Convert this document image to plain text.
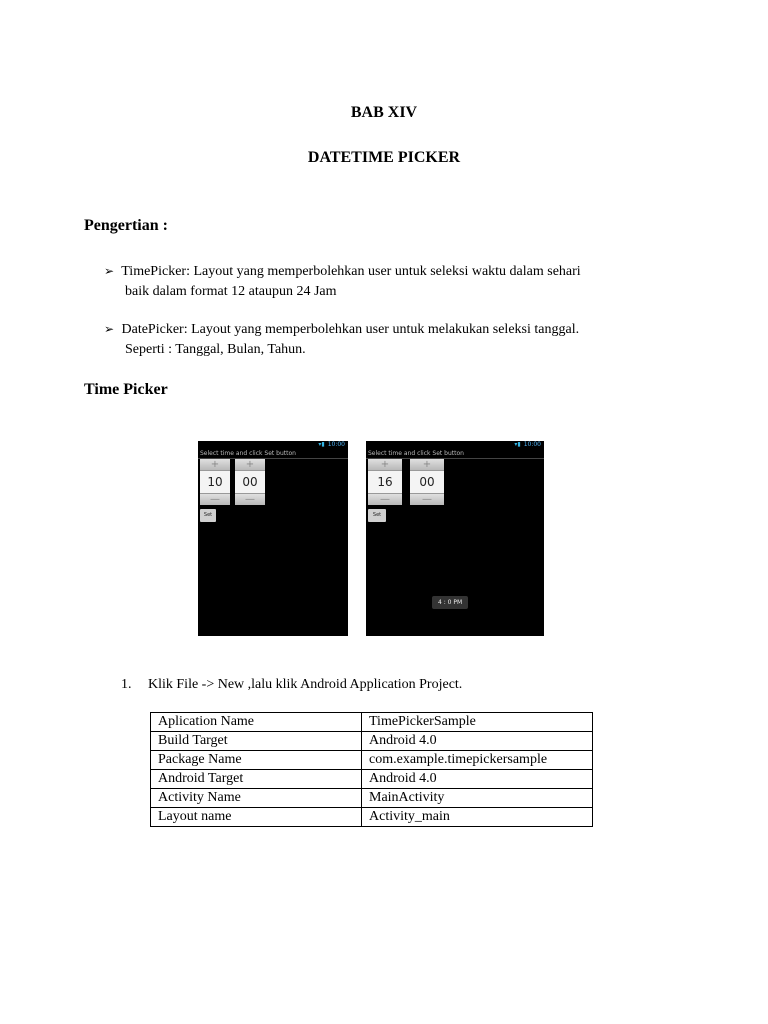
BAB XIV
DATETIME PICKER
Pengertian :
➢ TimePicker: Layout yang memperbolehkan user untuk seleksi waktu dalam sehari
baik dalam format 12 ataupun 24 Jam
➢ DatePicker: Layout yang memperbolehkan user untuk melakukan seleksi tanggal.
Seperti : Tanggal, Bulan, Tahun.
Time Picker
▾▮ 10:00
Select time and click Set button
+
10
—
+
00
—
Set
▾▮ 10:00
Select time and click Set button
+
16
—
+
00
—
Set
4 : 0 PM
1. Klik File -> New ,lalu klik Android Application Project.
Aplication Name	TimePickerSample
Build Target	Android 4.0
Package Name	com.example.timepickersample
Android Target	Android 4.0
Activity Name	MainActivity
Layout name	Activity_main
